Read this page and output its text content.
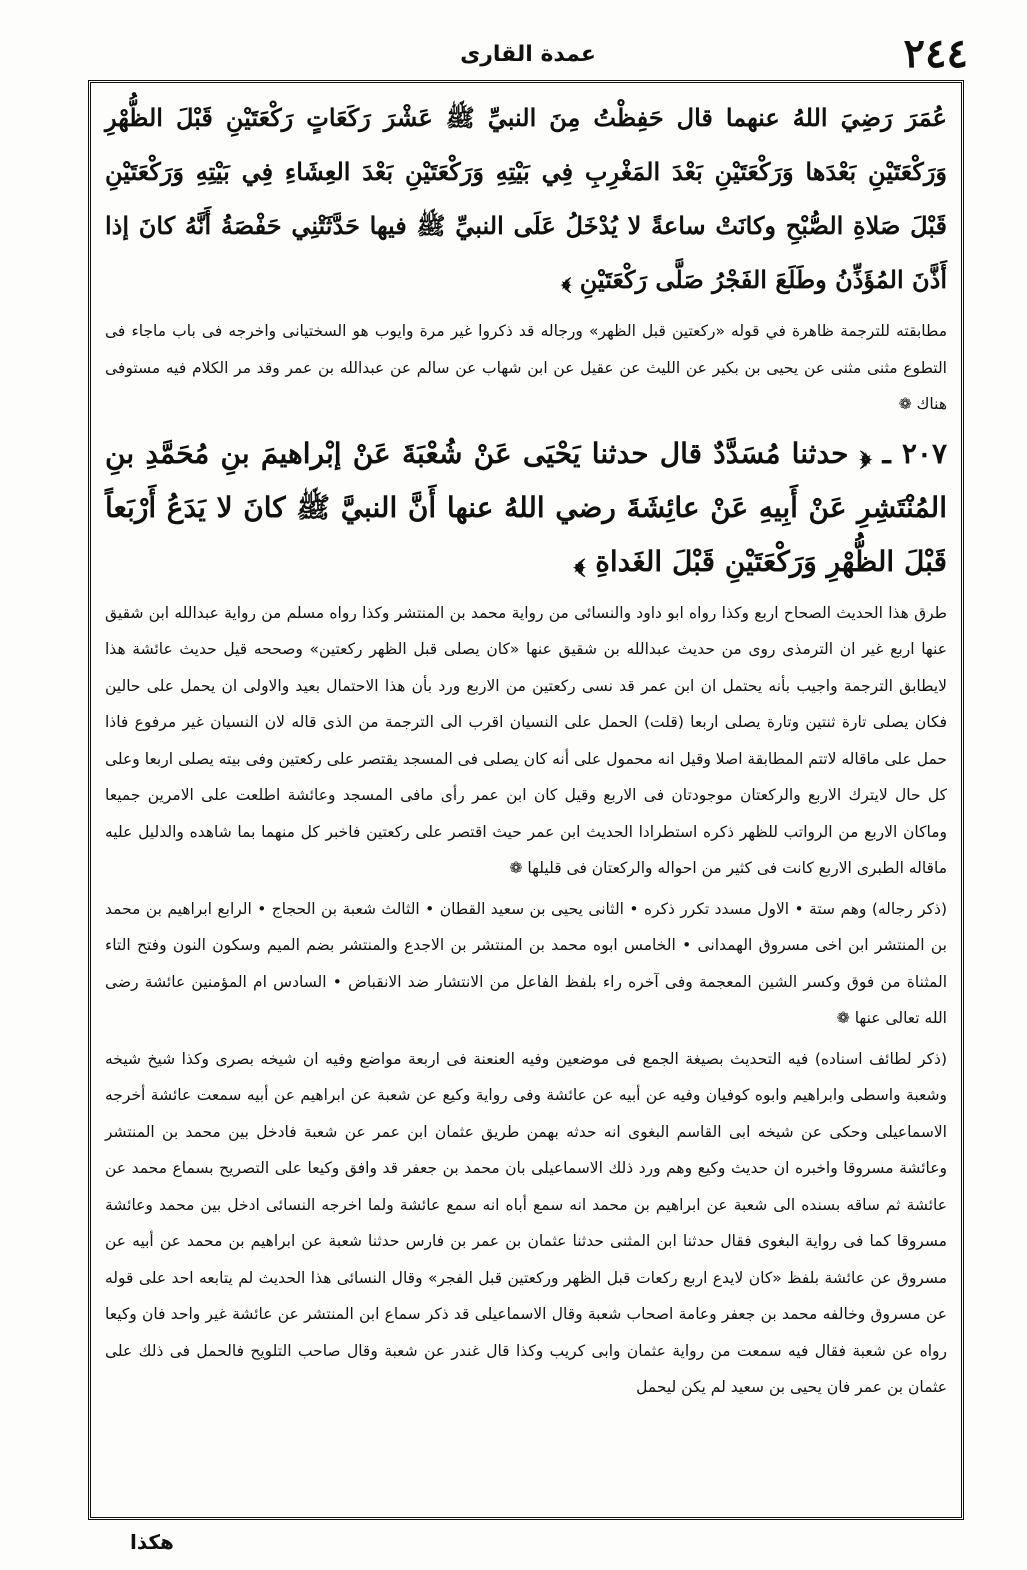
٢٤٤
عمدة القاری

عُمَرَ رَضِيَ اللهُ عنهما قال حَفِظْتُ مِنَ النبيِّ ﷺ عَشْرَ رَكَعَاتٍ رَكْعَتَيْنِ قَبْلَ الظُّهْرِ وَرَكْعَتَيْنِ بَعْدَها وَرَكْعَتَيْنِ بَعْدَ المَغْرِبِ فِي بَيْتِهِ وَرَكْعَتَيْنِ بَعْدَ العِشَاءِ فِي بَيْتِهِ وَرَكْعَتَيْنِ قَبْلَ صَلاةِ الصُّبْحِ وكانَتْ ساعةً لا يُدْخَلُ عَلَى النبيِّ ﷺ فيها حَدَّثَتْنِي حَفْصَةُ أَنَّهُ كانَ إذا أَذَّنَ المُؤَذِّنُ وطَلَعَ الفَجْرُ صَلَّى رَكْعَتَيْنِ ﴾

مطابقته للترجمة ظاهرة في قوله «ركعتين قبل الظهر» ورجاله قد ذكروا غير مرة وايوب هو السختيانی واخرجه فی باب ماجاء فی التطوع مثنى مثنى عن یحيى بن بكير عن الليث عن عقيل عن ابن شهاب عن سالم عن عبدالله بن عمر وقد مر الكلام فيه مستوفی هناك ❁

٢٠٧ ـ ﴿ حدثنا مُسَدَّدٌ قال حدثنا يَحْيَى عَنْ شُعْبَةَ عَنْ إبْراهيمَ بنِ مُحَمَّدِ بنِ المُنْتَشِرِ عَنْ أَبِيهِ عَنْ عائِشَةَ رضي اللهُ عنها أَنَّ النبيَّ ﷺ كانَ لا يَدَعُ أَرْبَعاً قَبْلَ الظُّهْرِ وَرَكْعَتَيْنِ قَبْلَ الغَداةِ ﴾

طرق هذا الحديث الصحاح اربع وكذا رواه ابو داود والنسائی من رواية محمد بن المنتشر وكذا رواه مسلم من رواية عبدالله ابن شقيق عنها اربع غير ان الترمذی روى من حديث عبدالله بن شقيق عنها «كان يصلی قبل الظهر ركعتين» وصححه قيل حديث عائشة هذا لايطابق الترجمة واجيب بأنه يحتمل ان ابن عمر قد نسی ركعتين من الاربع ورد بأن هذا الاحتمال بعيد والاولى ان يحمل على حالين فكان يصلی تارة ثنتين وتارة يصلی اربعا (قلت) الحمل على النسيان اقرب الى الترجمة من الذی قاله لان النسيان غير مرفوع فاذا حمل على ماقاله لاتتم المطابقة اصلا وقيل انه محمول على أنه كان يصلی فی المسجد يقتصر على ركعتين وفی بيته يصلی اربعا وعلى كل حال لايترك الاربع والركعتان موجودتان فی الاربع وقيل كان ابن عمر رأى مافی المسجد وعائشة اطلعت على الامرين جميعا وماكان الاربع من الرواتب للظهر ذكره استطرادا الحديث ابن عمر حيث اقتصر على ركعتين فاخبر كل منهما بما شاهده والدليل عليه ماقاله الطبرى الاربع كانت فی كثير من احواله والركعتان فی قليلها ❁

(ذكر رجاله) وهم ستة • الاول مسدد تكرر ذكره • الثانی يحيى بن سعيد القطان • الثالث شعبة بن الحجاج • الرابع ابراهيم بن محمد بن المنتشر ابن اخی مسروق الهمدانی • الخامس ابوه محمد بن المنتشر بن الاجدع والمنتشر بضم الميم وسكون النون وفتح التاء المثناة من فوق وكسر الشين المعجمة وفی آخره راء بلفظ الفاعل من الانتشار ضد الانقباض • السادس ام المؤمنين عائشة رضی الله تعالى عنها ❁

(ذكر لطائف اسناده) فيه التحديث بصيغة الجمع فی موضعين وفيه العنعنة فی اربعة مواضع وفيه ان شيخه بصرى وكذا شيخ شيخه وشعبة واسطی وابراهيم وابوه كوفيان وفيه عن أبيه عن عائشة وفی رواية وكيع عن شعبة عن ابراهيم عن أبيه سمعت عائشة أخرجه الاسماعيلی وحكى عن شيخه ابی القاسم البغوى انه حدثه بهمن طريق عثمان ابن عمر عن شعبة فادخل بين محمد بن المنتشر وعائشة مسروقا واخبره ان حديث وكيع وهم ورد ذلك الاسماعيلی بان محمد بن جعفر قد وافق وكيعا على التصريح بسماع محمد عن عائشة ثم ساقه بسنده الى شعبة عن ابراهيم بن محمد انه سمع أباه انه سمع عائشة ولما اخرجه النسائی ادخل بين محمد وعائشة مسروقا كما فی رواية البغوى فقال حدثنا ابن المثنى حدثنا عثمان بن عمر بن فارس حدثنا شعبة عن ابراهيم بن محمد عن أبيه عن مسروق عن عائشة بلفظ «كان لايدع اربع ركعات قبل الظهر وركعتين قبل الفجر» وقال النسائی هذا الحديث لم يتابعه احد على قوله عن مسروق وخالفه محمد بن جعفر وعامة اصحاب شعبة وقال الاسماعيلی قد ذكر سماع ابن المنتشر عن عائشة غير واحد فان وكيعا رواه عن شعبة فقال فيه سمعت من رواية عثمان وابی كريب وكذا قال غندر عن شعبة وقال صاحب التلويح فالحمل فی ذلك على عثمان بن عمر فان يحيى بن سعيد لم يكن ليحمل

هكذا
